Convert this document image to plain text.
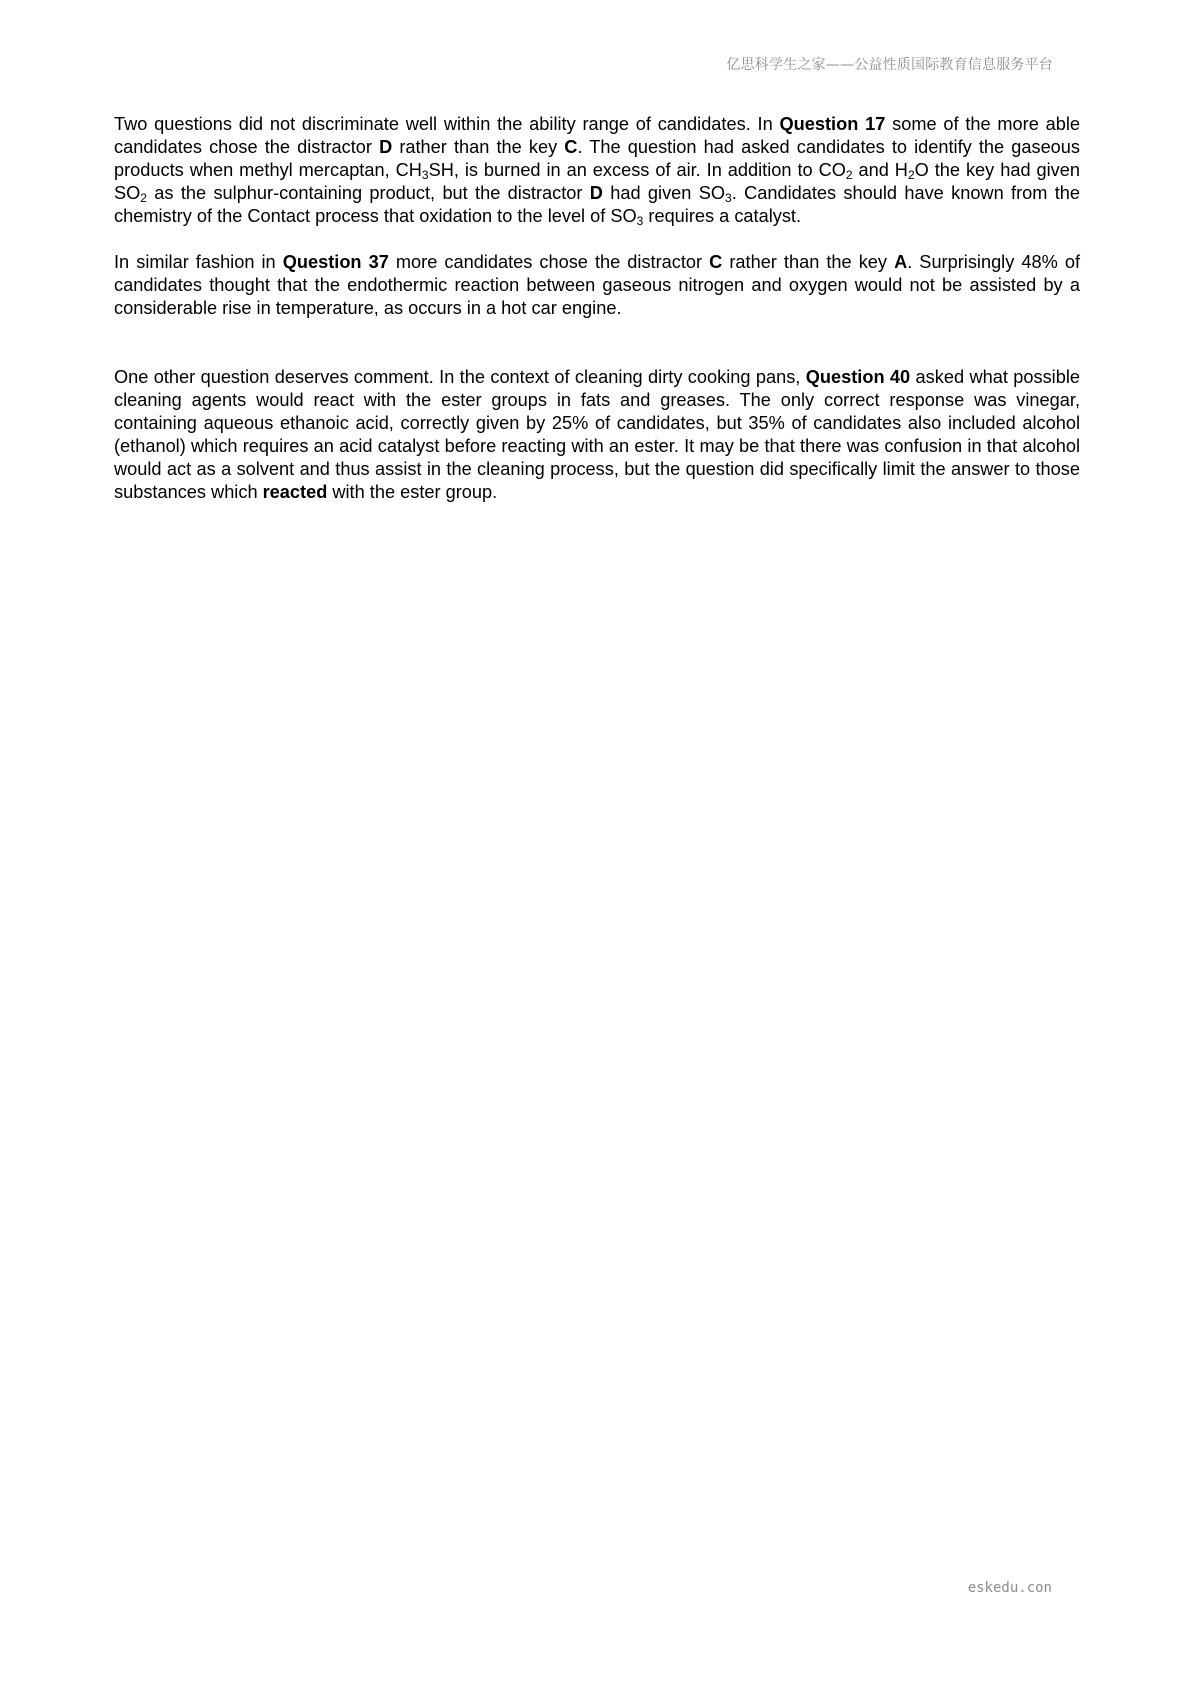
亿思科学生之家——公益性质国际教育信息服务平台

Two questions did not discriminate well within the ability range of candidates. In Question 17 some of the more able candidates chose the distractor D rather than the key C. The question had asked candidates to identify the gaseous products when methyl mercaptan, $CH_3SH$, is burned in an excess of air. In addition to $CO_2$ and $H_2O$ the key had given $SO_2$ as the sulphur-containing product, but the distractor D had given $SO_3$. Candidates should have known from the chemistry of the Contact process that oxidation to the level of $SO_3$ requires a catalyst.

In similar fashion in Question 37 more candidates chose the distractor C rather than the key A. Surprisingly 48% of candidates thought that the endothermic reaction between gaseous nitrogen and oxygen would not be assisted by a considerable rise in temperature, as occurs in a hot car engine.

One other question deserves comment. In the context of cleaning dirty cooking pans, Question 40 asked what possible cleaning agents would react with the ester groups in fats and greases. The only correct response was vinegar, containing aqueous ethanoic acid, correctly given by 25% of candidates, but 35% of candidates also included alcohol (ethanol) which requires an acid catalyst before reacting with an ester. It may be that there was confusion in that alcohol would act as a solvent and thus assist in the cleaning process, but the question did specifically limit the answer to those substances which reacted with the ester group.

eskedu.con
